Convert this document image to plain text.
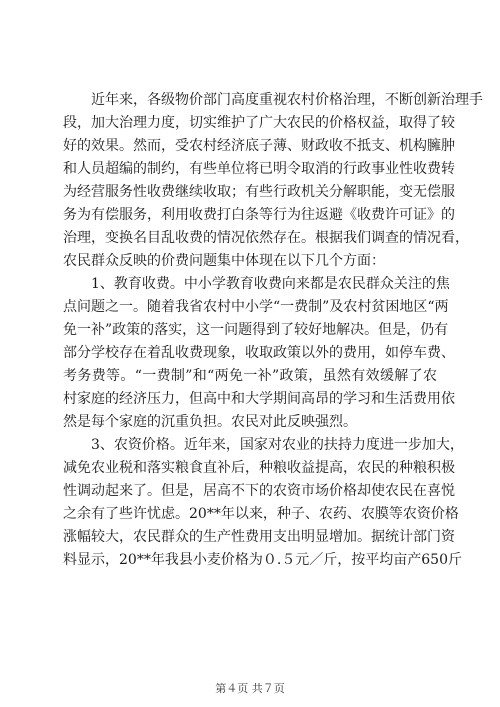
近年来，各级物价部门高度重视农村价格治理，不断创新治理手
段，加大治理力度，切实维护了广大农民的价格权益，取得了较
好的效果。然而，受农村经济底子薄、财政收不抵支、机构臃肿
和人员超编的制约，有些单位将已明令取消的行政事业性收费转
为经营服务性收费继续收取；有些行政机关分解职能，变无偿服
务为有偿服务，利用收费打白条等行为往返避《收费许可证》的
治理，变换名目乱收费的情况依然存在。根据我们调查的情况看，
农民群众反映的价费问题集中体现在以下几个方面：
1、教育收费。中小学教育收费向来都是农民群众关注的焦
点问题之一。随着我省农村中小学“一费制”及农村贫困地区“两
免一补”政策的落实，这一问题得到了较好地解决。但是，仍有
部分学校存在着乱收费现象，收取政策以外的费用，如停车费、
考务费等。“一费制”和“两免一补”政策，虽然有效缓解了农
村家庭的经济压力，但高中和大学期间高昂的学习和生活费用依
然是每个家庭的沉重负担。农民对此反映强烈。
3、农资价格。近年来，国家对农业的扶持力度进一步加大，
减免农业税和落实粮食直补后，种粮收益提高，农民的种粮积极
性调动起来了。但是，居高不下的农资市场价格却使农民在喜悦
之余有了些许忧虑。20**年以来，种子、农药、农膜等农资价格
涨幅较大，农民群众的生产性费用支出明显增加。据统计部门资
料显示，20**年我县小麦价格为０.５元／斤，按平均亩产650斤
第４页 共７页
